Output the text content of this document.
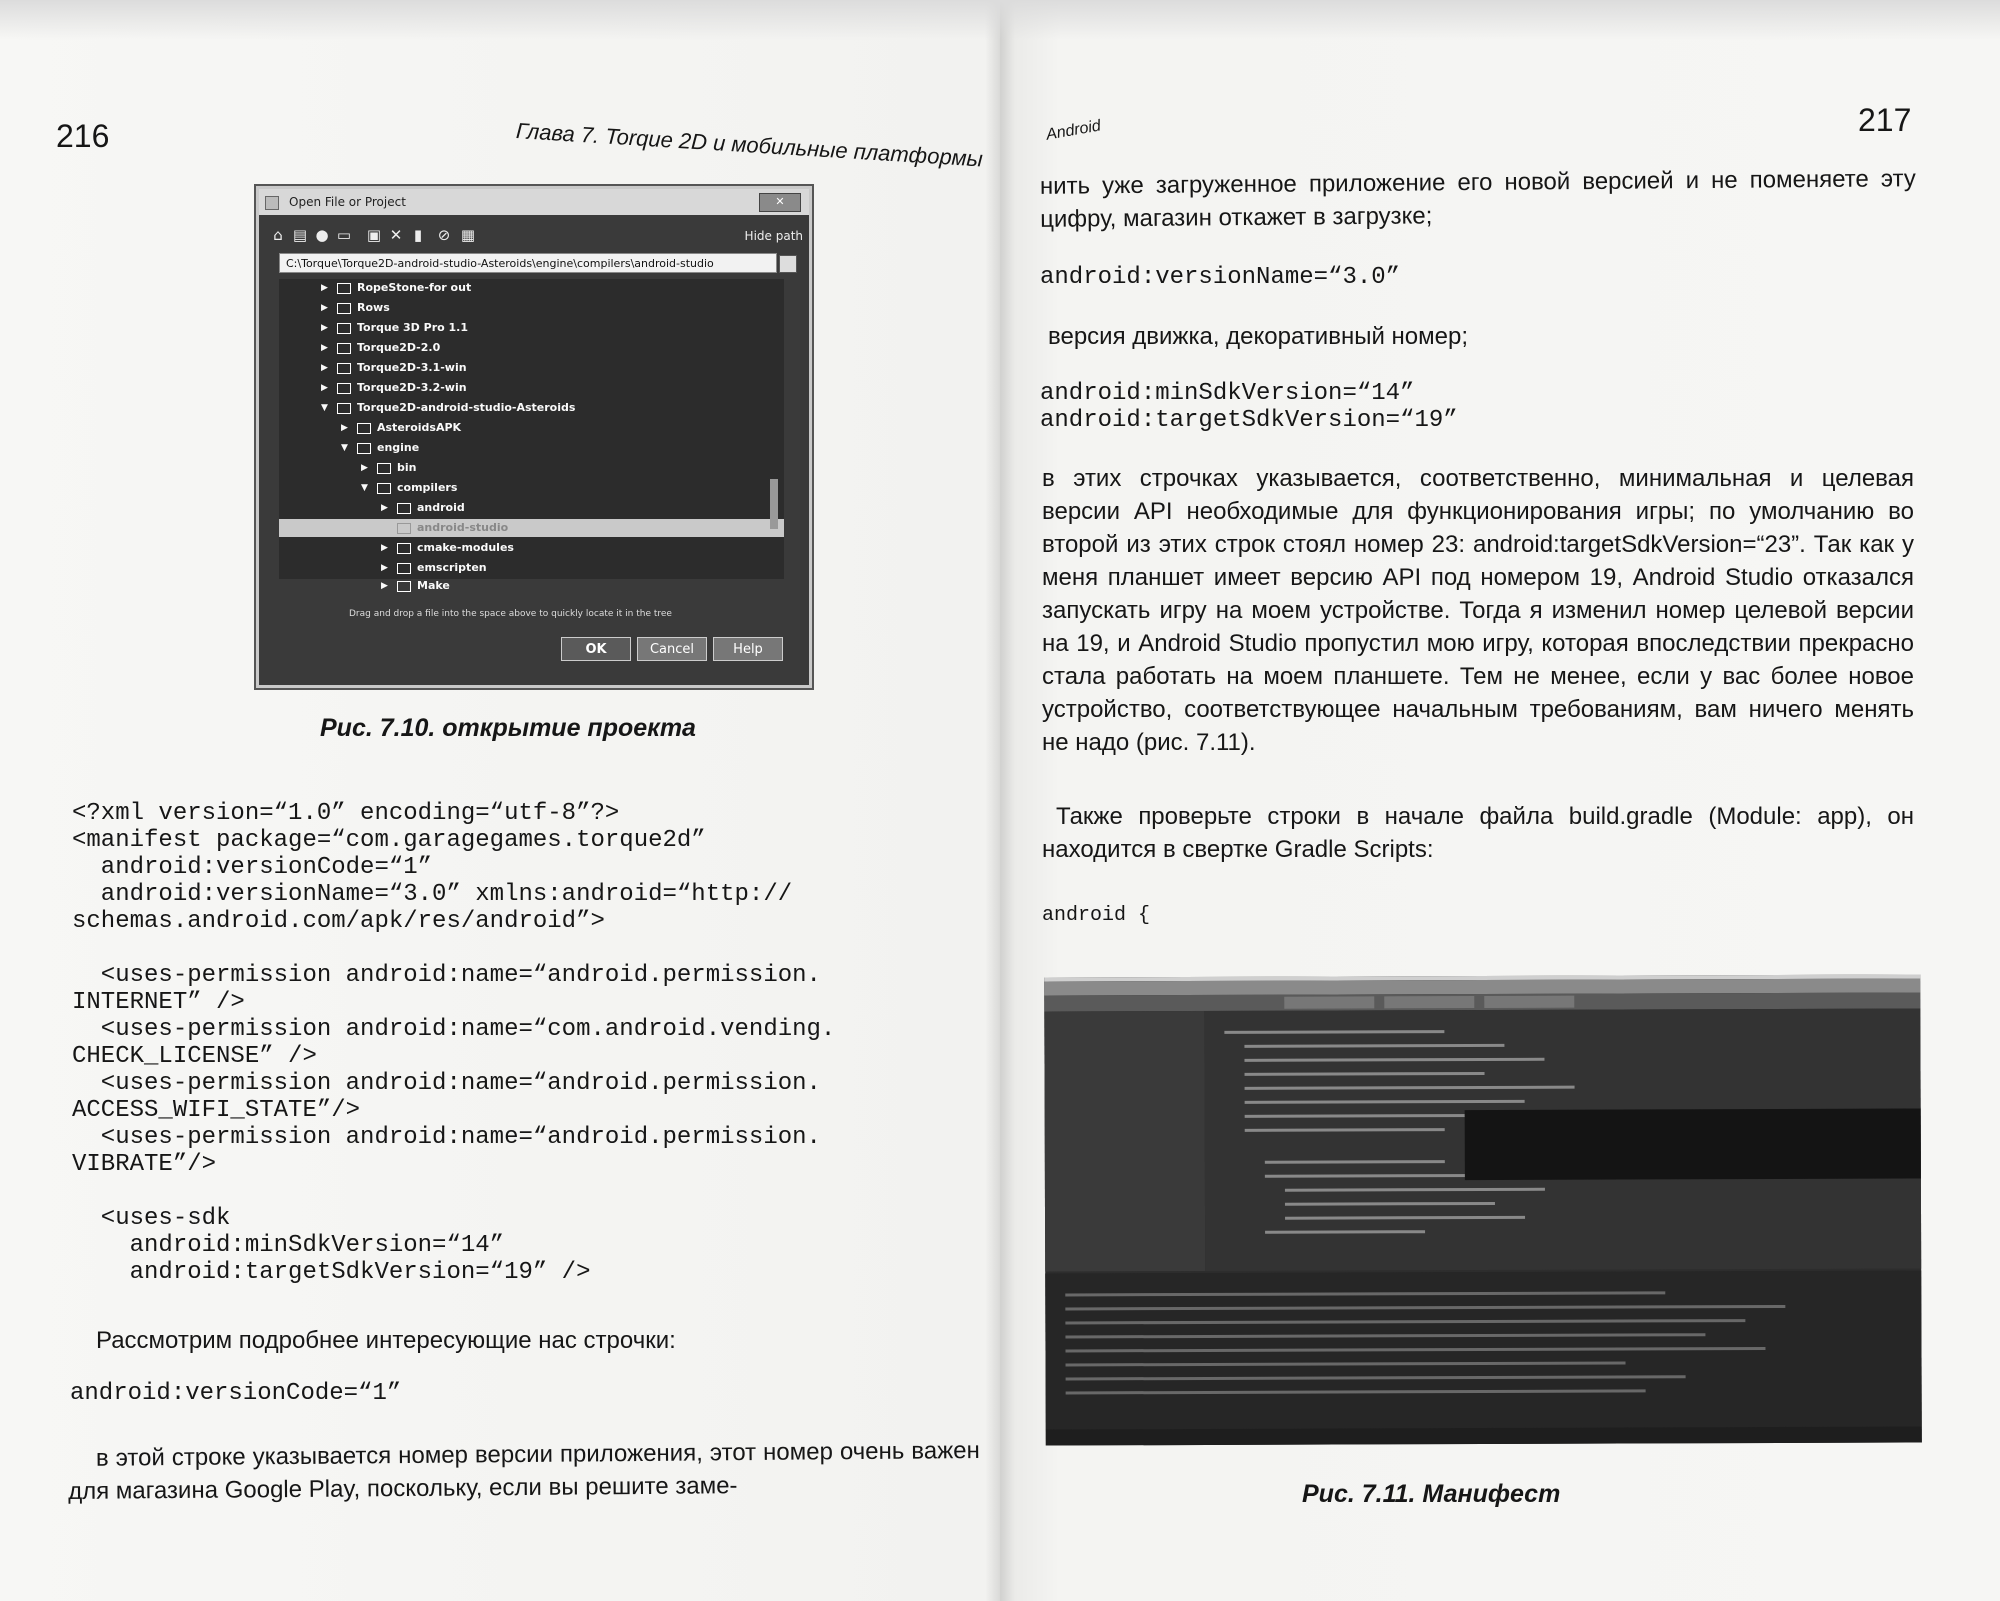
216	Глава 7. Torque 2D и мобильные платформы
Open File or Project	✕
⌂ ▤ ● ▭ ▣ ✕ ▮	⊘ ▦	Hide path
C:\Torque\Torque2D-android-studio-Asteroids\engine\compilers\android-studio
▶	RopeStone-for out
▶	Rows
▶	Torque 3D Pro 1.1
▶	Torque2D-2.0
▶	Torque2D-3.1-win
▶	Torque2D-3.2-win
▼	Torque2D-android-studio-Asteroids
▶	AsteroidsAPK
▼	engine
▶	bin
▼	compilers
▶	android
android-studio
▶	cmake-modules
▶	emscripten
▶	Make
Drag and drop a file into the space above to quickly locate it in the tree
OK	Cancel	Help
Рис. 7.10. открытие проекта
<?xml version=“1.0” encoding=“utf-8”?>
<manifest package=“com.garagegames.torque2d”
android:versionCode=“1”
android:versionName=“3.0” xmlns:android=“http://
schemas.android.com/apk/res/android”>

<uses-permission android:name=“android.permission.
INTERNET” />
<uses-permission android:name=“com.android.vending.
CHECK_LICENSE” />
<uses-permission android:name=“android.permission.
ACCESS_WIFI_STATE”/>
<uses-permission android:name=“android.permission.
VIBRATE”/>

<uses-sdk
android:minSdkVersion=“14”
android:targetSdkVersion=“19” />
Рассмотрим подробнее интересующие нас строчки:
android:versionCode=“1”
в этой строке указывается номер версии приложения, этот номер очень важен для магазина Google Play, поскольку, если вы решите заме-
Android	217
нить уже загруженное приложение его новой версией и не поменяете эту цифру, магазин откажет в загрузке;
android:versionName=“3.0”
версия движка, декоративный номер;
android:minSdkVersion=“14”
android:targetSdkVersion=“19”
в этих строчках указывается, соответственно, минимальная и целевая версии API необходимые для функционирования игры; по умолчанию во второй из этих строк стоял номер 23: android:targetSdkVersion=“23”. Так как у меня планшет имеет версию API под номером 19, Android Studio отказался запускать игру на моем устройстве. Тогда я изменил номер целевой версии на 19, и Android Studio пропустил мою игру, которая впоследствии прекрасно стала работать на моем планшете. Тем не менее, если у вас более новое устройство, соответствующее начальным требованиям, вам ничего менять не надо (рис. 7.11).
Также проверьте строки в начале файла build.gradle (Module: app), он находится в свертке Gradle Scripts:
android {
Рис. 7.11. Манифест
